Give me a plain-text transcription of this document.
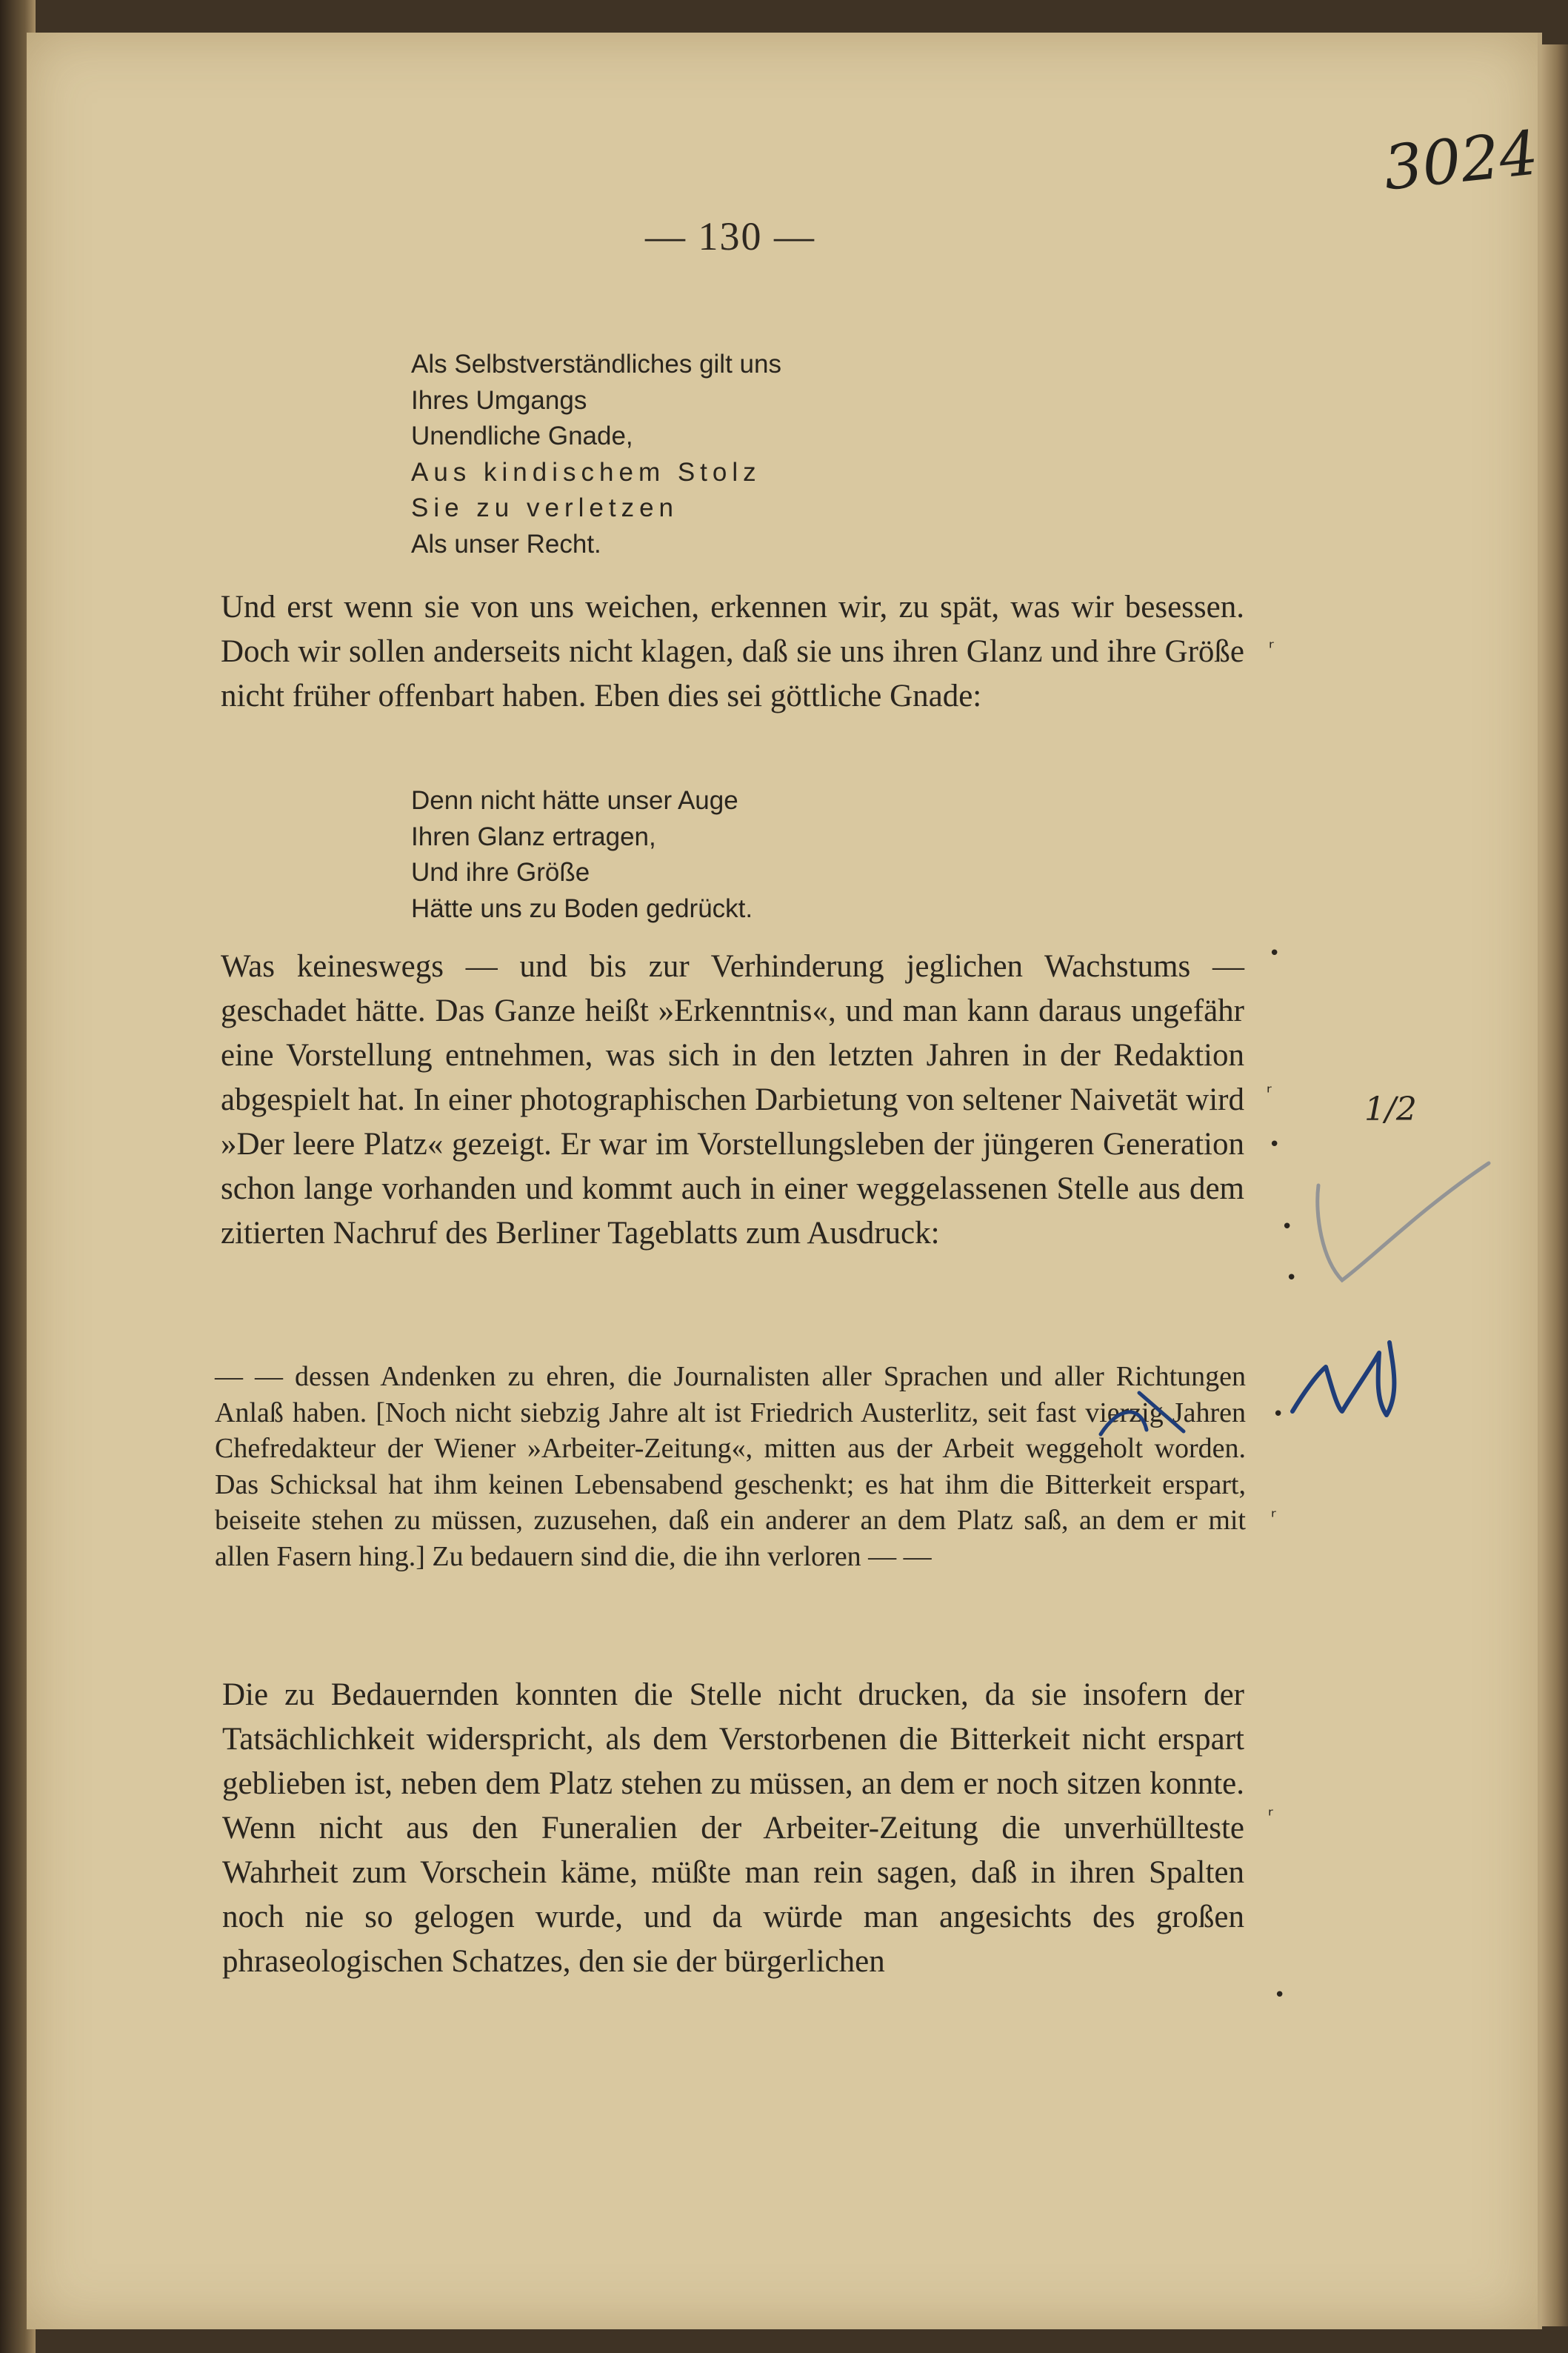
— 130 —
3024
Als Selbstverständliches gilt uns
Ihres Umgangs
Unendliche Gnade,
Aus kindischem Stolz
Sie zu verletzen
Als unser Recht.
Und erst wenn sie von uns weichen, erkennen wir, zu spät, was wir besessen. Doch wir sollen anderseits nicht klagen, daß sie uns ihren Glanz und ihre Größe nicht früher offenbart haben. Eben dies sei göttliche Gnade:
Denn nicht hätte unser Auge
Ihren Glanz ertragen,
Und ihre Größe
Hätte uns zu Boden gedrückt.
Was keineswegs — und bis zur Verhinderung jeglichen Wachstums — geschadet hätte. Das Ganze heißt »Erkenntnis«, und man kann daraus ungefähr eine Vorstellung entnehmen, was sich in den letzten Jahren in der Redaktion abgespielt hat. In einer photographischen Darbietung von seltener Naivetät wird »Der leere Platz« gezeigt. Er war im Vorstellungsleben der jüngeren Generation schon lange vorhanden und kommt auch in einer weggelassenen Stelle aus dem zitierten Nachruf des Berliner Tageblatts zum Ausdruck:
— — dessen Andenken zu ehren, die Journalisten aller Sprachen und aller Richtungen Anlaß haben. [Noch nicht siebzig Jahre alt ist Friedrich Austerlitz, seit fast vierzig Jahren Chefredakteur der Wiener »Arbeiter-Zeitung«, mitten aus der Arbeit weggeholt worden. Das Schicksal hat ihm keinen Lebensabend geschenkt; es hat ihm die Bitterkeit erspart, beiseite stehen zu müssen, zuzusehen, daß ein anderer an dem Platz saß, an dem er mit allen Fasern hing.] Zu bedauern sind die, die ihn verloren — —
Die zu Bedauernden konnten die Stelle nicht drucken, da sie insofern der Tatsächlichkeit widerspricht, als dem Verstorbenen die Bitterkeit nicht erspart geblieben ist, neben dem Platz stehen zu müssen, an dem er noch sitzen konnte. Wenn nicht aus den Funeralien der Arbeiter-Zeitung die unverhüllteste Wahrheit zum Vorschein käme, müßte man rein sagen, daß in ihren Spalten noch nie so gelogen wurde, und da würde man angesichts des großen phraseologischen Schatzes, den sie der bürgerlichen
ʳ
•
ʳ
•
•
•
•
ʳ
ʳ
•
1/2
